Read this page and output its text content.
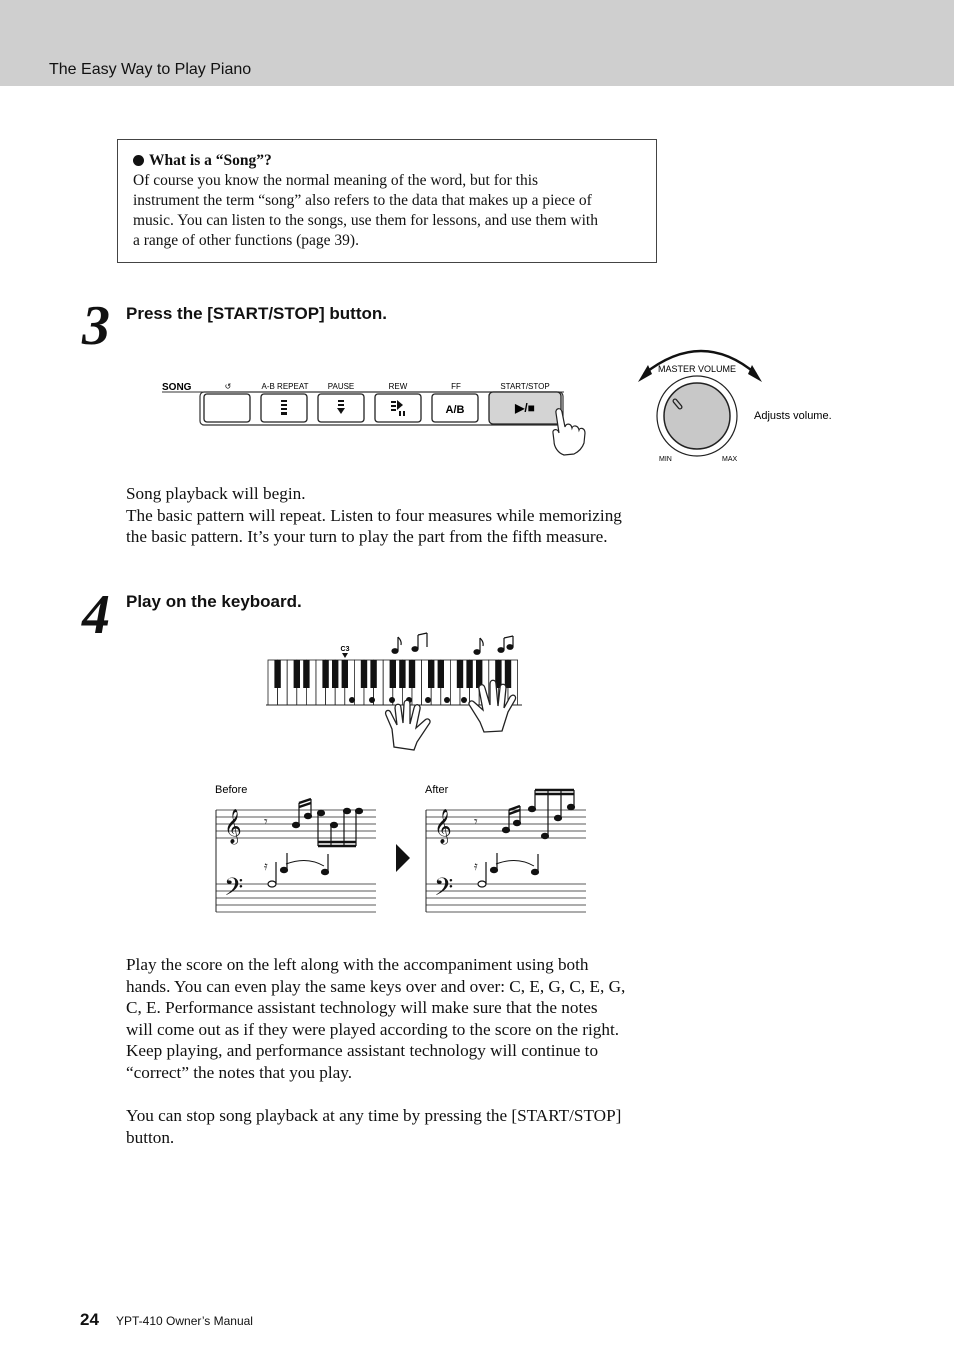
The Easy Way to Play Piano
What is a “Song”?
Of course you know the normal meaning of the word, but for this
instrument the term “song” also refers to the data that makes up a piece of
music. You can listen to the songs, use them for lessons, and use them with
a range of other functions (page 39).
3 Press the [START/STOP] button.
SONG	↺	A-B REPEAT PAUSE	REW	FF	START/STOP
A/B	▶/■
MASTER VOLUME
MIN	MAX
Adjusts volume.
Song playback will begin.
The basic pattern will repeat. Listen to four measures while memorizing
the basic pattern. It’s your turn to play the part from the fifth measure.
4 Play on the keyboard.
C3
Before	After
𝄞	𝄞
𝄢	𝄢
𝄾
𝄿
𝄾
𝄿
Play the score on the left along with the accompaniment using both
hands. You can even play the same keys over and over: C, E, G, C, E, G,
C, E. Performance assistant technology will make sure that the notes
will come out as if they were played according to the score on the right.
Keep playing, and performance assistant technology will continue to
“correct” the notes that you play.
You can stop song playback at any time by pressing the [START/STOP]
button.
24 YPT-410 Owner’s Manual
